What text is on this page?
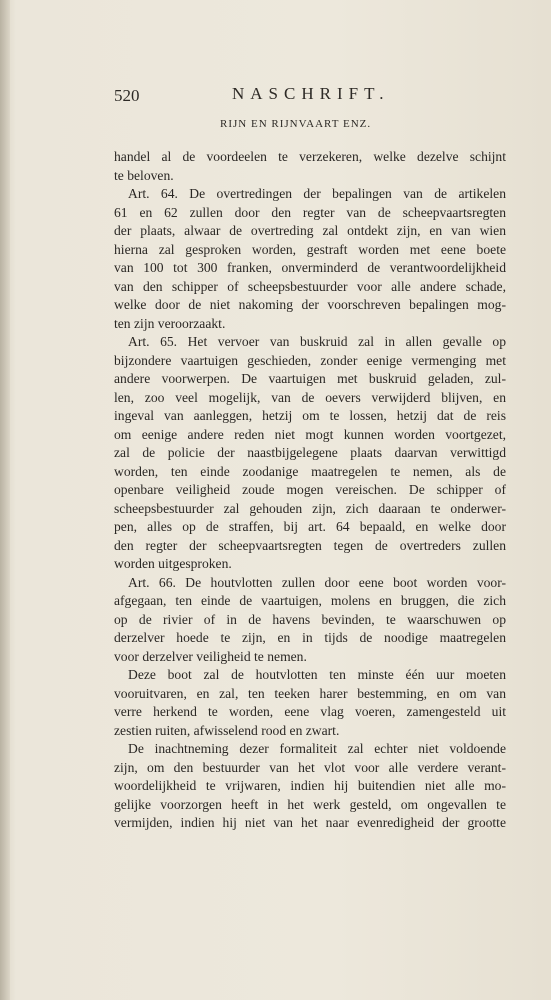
520	NASCHRIFT.
RIJN EN RIJNVAART ENZ.
handel al de voordeelen te verzekeren, welke dezelve schijnt
te beloven.
Art. 64. De overtredingen der bepalingen van de artikelen
61 en 62 zullen door den regter van de scheepvaartsregten
der plaats, alwaar de overtreding zal ontdekt zijn, en van wien
hierna zal gesproken worden, gestraft worden met eene boete
van 100 tot 300 franken, onverminderd de verantwoordelijkheid
van den schipper of scheepsbestuurder voor alle andere schade,
welke door de niet nakoming der voorschreven bepalingen mog-
ten zijn veroorzaakt.
Art. 65. Het vervoer van buskruid zal in allen gevalle op
bijzondere vaartuigen geschieden, zonder eenige vermenging met
andere voorwerpen. De vaartuigen met buskruid geladen, zul-
len, zoo veel mogelijk, van de oevers verwijderd blijven, en
ingeval van aanleggen, hetzij om te lossen, hetzij dat de reis
om eenige andere reden niet mogt kunnen worden voortgezet,
zal de policie der naastbijgelegene plaats daarvan verwittigd
worden, ten einde zoodanige maatregelen te nemen, als de
openbare veiligheid zoude mogen vereischen. De schipper of
scheepsbestuurder zal gehouden zijn, zich daaraan te onderwer-
pen, alles op de straffen, bij art. 64 bepaald, en welke door
den regter der scheepvaartsregten tegen de overtreders zullen
worden uitgesproken.
Art. 66. De houtvlotten zullen door eene boot worden voor-
afgegaan, ten einde de vaartuigen, molens en bruggen, die zich
op de rivier of in de havens bevinden, te waarschuwen op
derzelver hoede te zijn, en in tijds de noodige maatregelen
voor derzelver veiligheid te nemen.
Deze boot zal de houtvlotten ten minste één uur moeten
vooruitvaren, en zal, ten teeken harer bestemming, en om van
verre herkend te worden, eene vlag voeren, zamengesteld uit
zestien ruiten, afwisselend rood en zwart.
De inachtneming dezer formaliteit zal echter niet voldoende
zijn, om den bestuurder van het vlot voor alle verdere verant-
woordelijkheid te vrijwaren, indien hij buitendien niet alle mo-
gelijke voorzorgen heeft in het werk gesteld, om ongevallen te
vermijden, indien hij niet van het naar evenredigheid der grootte
